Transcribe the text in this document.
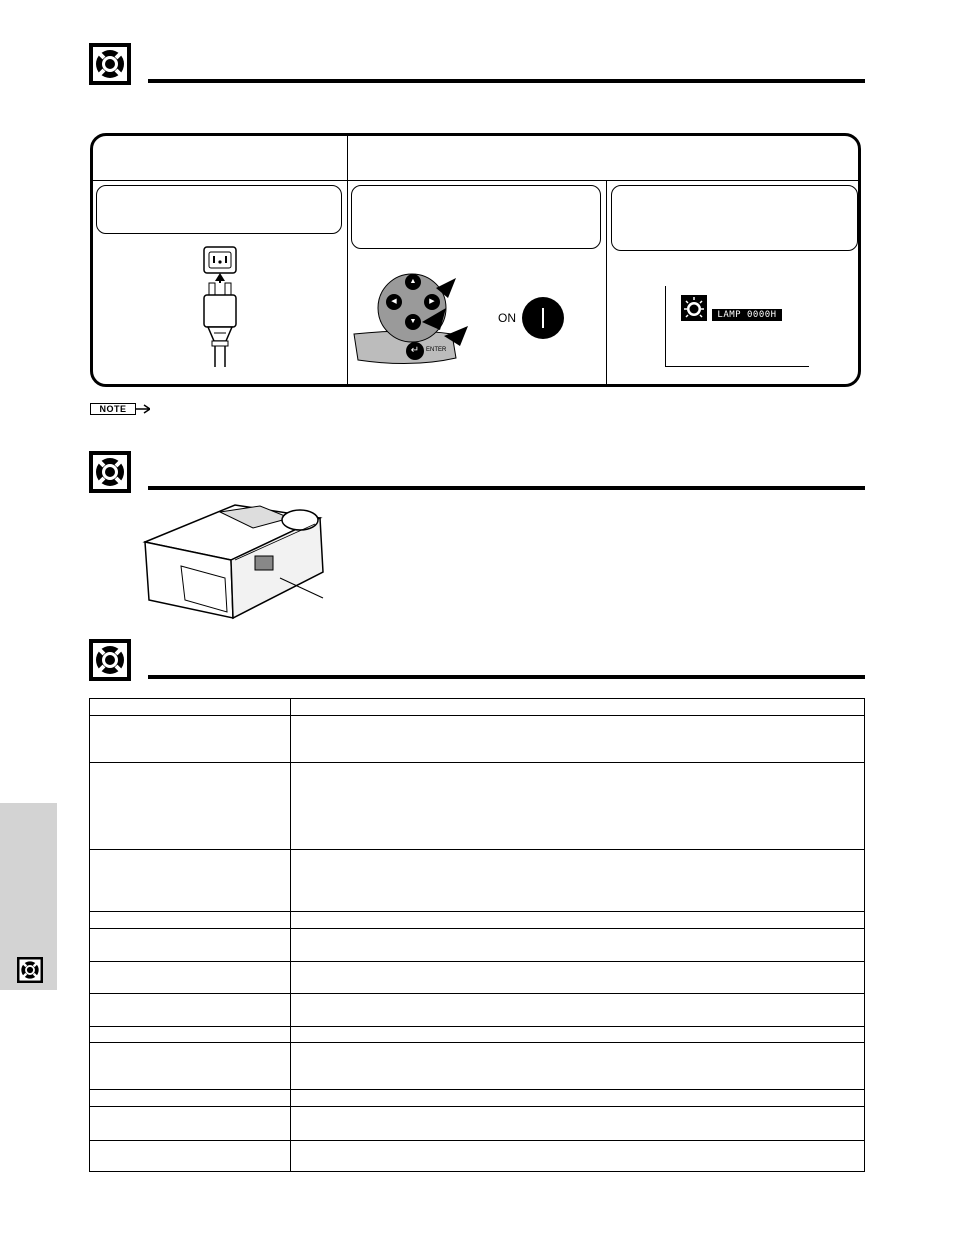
▲
◀	▶
▼
↵	ENTER
ON	LAMP 0000H
NOTE
